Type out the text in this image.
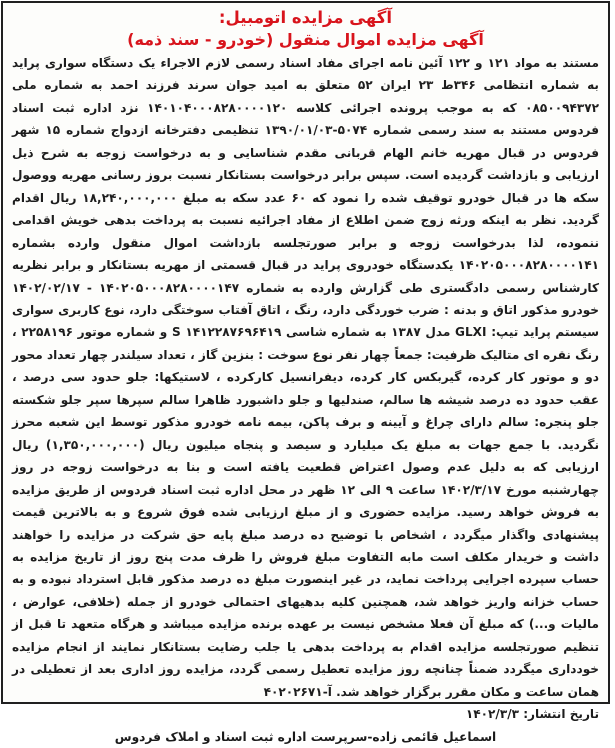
آگهی مزایده اتومبیل:
آگهی مزایده اموال منقول (خودرو - سند ذمه)

مستند به مواد ۱۲۱ و ۱۲۲ آئین نامه اجرای مفاد اسناد رسمی لازم الاجراء یک دستگاه سواری پراید به شماره انتظامی ۳۴۶ط ۲۳ ایران ۵۲ متعلق به امید جوان سرند فرزند احمد به شماره ملی ۰۸۵۰۰۹۴۳۷۲ که به موجب پرونده اجرائی کلاسه ۱۴۰۱۰۴۰۰۰۸۲۸۰۰۰۰۱۲۰ نزد اداره ثبت اسناد فردوس مستند به سند رسمی شماره ۵۰۷۴-۱۳۹۰/۰۱/۰۳ تنظیمی دفترخانه ازدواج شماره ۱۵ شهر فردوس در قبال مهریه خانم الهام قربانی مقدم شناسایی و به درخواست زوجه به شرح ذیل ارزیابی و بازداشت گردیده است. سپس برابر درخواست بستانکار نسبت بروز رسانی مهریه ووصول سکه ها در قبال خودرو توقیف شده را نمود که ۶۰ عدد سکه به مبلغ ۱۸,۲۴۰,۰۰۰,۰۰۰ ریال اقدام گردید. نظر به اینکه ورثه زوج ضمن اطلاع از مفاد اجرائیه نسبت به پرداخت بدهی خویش اقدامی ننموده، لذا بدرخواست زوجه و برابر صورتجلسه بازداشت اموال منقول وارده بشماره ۱۴۰۲۰۵۰۰۰۸۲۸۰۰۰۰۱۴۱ یکدستگاه خودروی پراید در قبال قسمتی از مهریه بستانکار و برابر نظریه کارشناس رسمی دادگستری طی گزارش وارده به شماره ۱۴۰۲۰۵۰۰۰۸۲۸۰۰۰۰۱۴۷ - ۱۴۰۲/۰۲/۱۷ خودرو مذکور اتاق و بدنه : ضرب خوردگی دارد، رنگ ، اتاق آفتاب سوختگی دارد، نوع کاربری سواری سیستم پراید تیپ: GLXI مدل ۱۳۸۷ به شماره شاسی S ۱۴۱۲۲۸۷۶۹۶۴۱۹ و شماره موتور ۲۲۵۸۱۹۶ ، رنگ نقره ای متالیک ظرفیت: جمعاً چهار نفر نوع سوخت : بنزین گاز ، تعداد سیلندر چهار تعداد محور دو و موتور کار کرده، گیربکس کار کرده، دیفرانسیل کارکرده ، لاستیکها: جلو حدود سی درصد ، عقب حدود ده درصد شیشه ها سالم، صندلیها و جلو داشبورد ظاهرا سالم سپرها سپر جلو شکسته جلو پنجره: سالم دارای چراغ و آیینه و برف پاکن، بیمه نامه خودرو مذکور توسط این شعبه محرز نگردید. با جمع جهات به مبلغ یک میلیارد و سیصد و پنجاه میلیون ریال (۱,۳۵۰,۰۰۰,۰۰۰) ریال ارزیابی که به دلیل عدم وصول اعتراض قطعیت یافته است و بنا به درخواست زوجه در روز چهارشنبه مورخ ۱۴۰۲/۳/۱۷ ساعت ۹ الی ۱۲ ظهر در محل اداره ثبت اسناد فردوس از طریق مزایده به فروش خواهد رسید. مزایده حضوری و از مبلغ ارزیابی شده فوق شروع و به بالاترین قیمت پیشنهادی واگذار میگردد ، اشخاص با توضیح ده درصد مبلغ پایه حق شرکت در مزایده را خواهند داشت و خریدار مکلف است مابه التفاوت مبلغ فروش را ظرف مدت پنج روز از تاریخ مزایده به حساب سپرده اجرایی پرداخت نماید، در غیر اینصورت مبلغ ده درصد مذکور قابل استرداد نبوده و به حساب خزانه واریز خواهد شد، همچنین کلیه بدهیهای احتمالی خودرو از جمله (خلافی، عوارض ، مالیات و...) که مبلغ آن فعلا مشخص نیست بر عهده برنده مزایده میباشد و هرگاه متعهد تا قبل از تنظیم صورتجلسه مزایده اقدام به پرداخت بدهی یا جلب رضایت بستانکار نمایند از انجام مزایده خودداری میگردد ضمناً چنانچه روز مزایده تعطیل رسمی گردد، مزایده روز اداری بعد از تعطیلی در همان ساعت و مکان مقرر برگزار خواهد شد. آ-۴۰۲۰۲۶۷۱

تاریخ انتشار: ۱۴۰۲/۳/۳

اسماعیل قائمی زاده-سرپرست اداره ثبت اسناد و املاک فردوس
